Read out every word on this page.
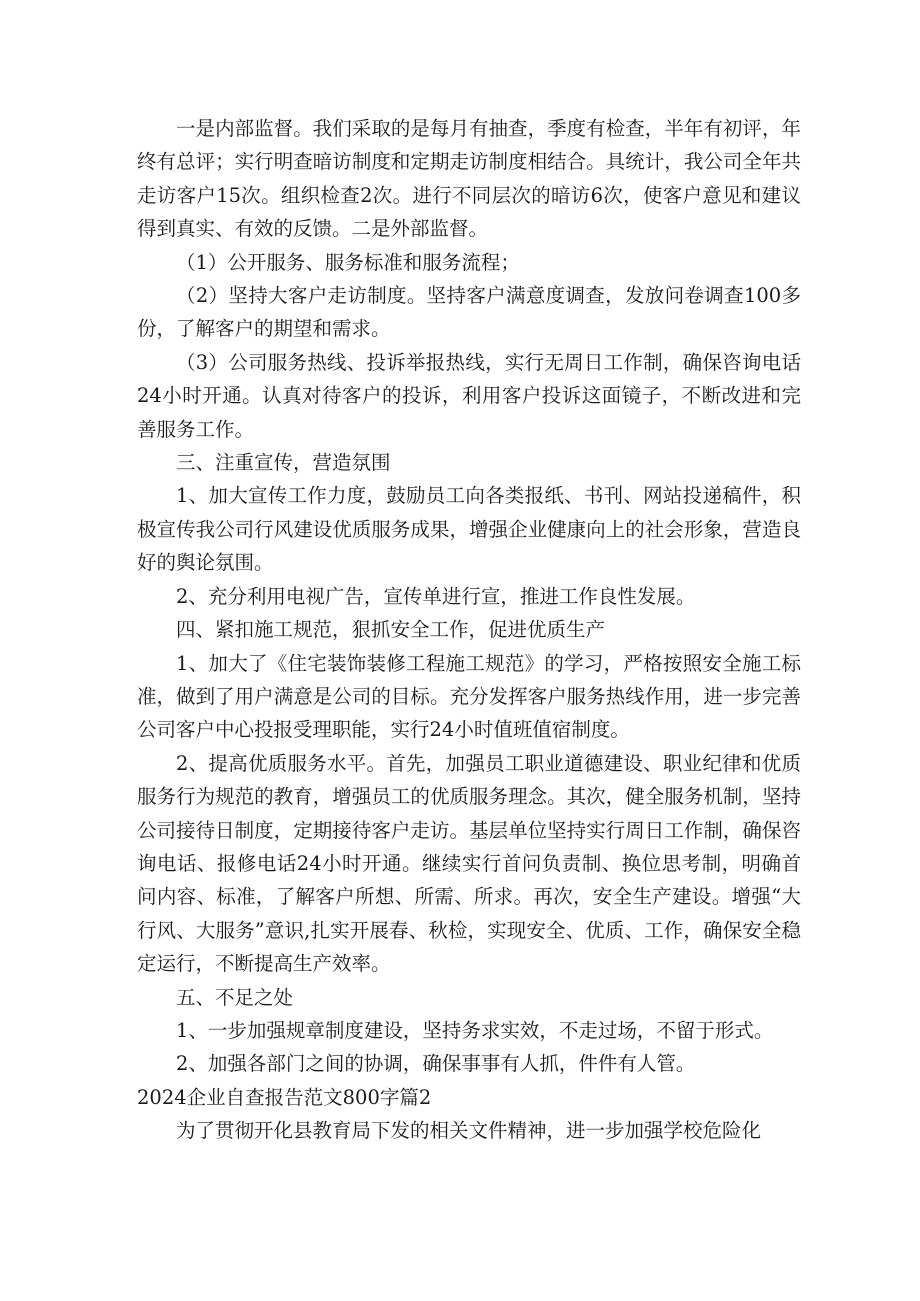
一是内部监督。我们采取的是每月有抽查，季度有检查，半年有初评，年终有总评；实行明查暗访制度和定期走访制度相结合。具统计，我公司全年共走访客户15次。组织检查2次。进行不同层次的暗访6次，使客户意见和建议得到真实、有效的反馈。二是外部监督。

（1）公开服务、服务标准和服务流程；

（2）坚持大客户走访制度。坚持客户满意度调查，发放问卷调查100多份，了解客户的期望和需求。

（3）公司服务热线、投诉举报热线，实行无周日工作制，确保咨询电话24小时开通。认真对待客户的投诉，利用客户投诉这面镜子，不断改进和完善服务工作。

三、注重宣传，营造氛围

1、加大宣传工作力度，鼓励员工向各类报纸、书刊、网站投递稿件，积极宣传我公司行风建设优质服务成果，增强企业健康向上的社会形象，营造良好的舆论氛围。

2、充分利用电视广告，宣传单进行宣，推进工作良性发展。

四、紧扣施工规范，狠抓安全工作，促进优质生产

1、加大了《住宅装饰装修工程施工规范》的学习，严格按照安全施工标准，做到了用户满意是公司的目标。充分发挥客户服务热线作用，进一步完善公司客户中心投报受理职能，实行24小时值班值宿制度。

2、提高优质服务水平。首先，加强员工职业道德建设、职业纪律和优质服务行为规范的教育，增强员工的优质服务理念。其次，健全服务机制，坚持公司接待日制度，定期接待客户走访。基层单位坚持实行周日工作制，确保咨询电话、报修电话24小时开通。继续实行首问负责制、换位思考制，明确首问内容、标准，了解客户所想、所需、所求。再次，安全生产建设。增强“大行风、大服务”意识,扎实开展春、秋检，实现安全、优质、工作，确保安全稳定运行，不断提高生产效率。

五、不足之处

1、一步加强规章制度建设，坚持务求实效，不走过场，不留于形式。

2、加强各部门之间的协调，确保事事有人抓，件件有人管。

2024企业自查报告范文800字篇2

为了贯彻开化县教育局下发的相关文件精神，进一步加强学校危险化
